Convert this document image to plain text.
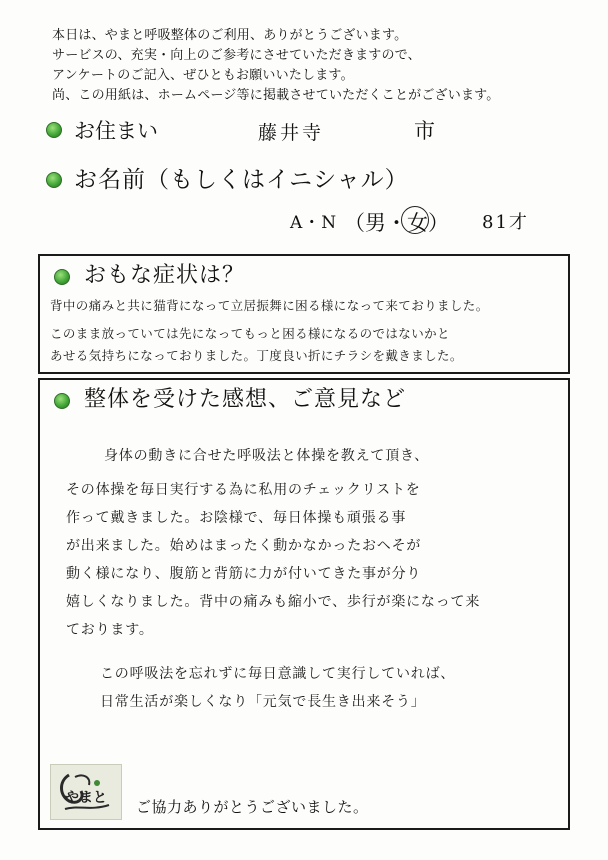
本日は、やまと呼吸整体のご利用、ありがとうございます。
サービスの、充実・向上のご参考にさせていただきますので、
アンケートのご記入、ぜひともお願いいたします。
尚、この用紙は、ホームページ等に掲載させていただくことがございます。
お住まい	藤井寺	市
お名前（もしくはイニシャル）
A・N （男・女） 81才
おもな症状は？
背中の痛みと共に猫背になって立居振舞に困る様になって来ておりました。
このまま放っていては先になってもっと困る様になるのではないかと
あせる気持ちになっておりました。丁度良い折にチラシを戴きました。
整体を受けた感想、ご意見など
身体の動きに合せた呼吸法と体操を教えて頂き、
その体操を毎日実行する為に私用のチェックリストを
作って戴きました。お陰様で、毎日体操も頑張る事
が出来ました。始めはまったく動かなかったおヘそが
動く様になり、腹筋と背筋に力が付いてきた事が分り
嬉しくなりました。背中の痛みも縮小で、歩行が楽になって来
ております。
この呼吸法を忘れずに毎日意識して実行していれば、
日常生活が楽しくなり「元気で長生き出来そう」
やまと ご協力ありがとうございました。
